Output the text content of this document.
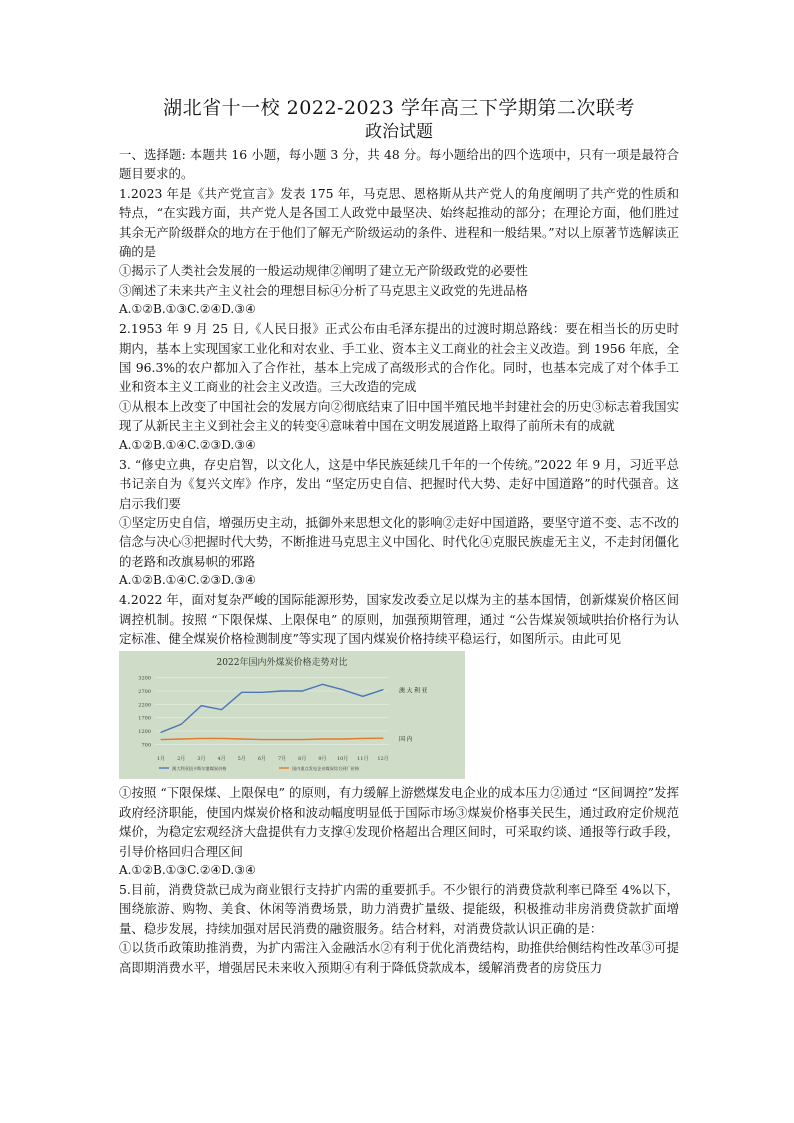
湖北省十一校 2022-2023 学年高三下学期第二次联考
政治试题

一、选择题: 本题共 16 小题，每小题 3 分，共 48 分。每小题给出的四个选项中，只有一项是最符合题目要求的。

1.2023 年是《共产党宣言》发表 175 年，马克思、恩格斯从共产党人的角度阐明了共产党的性质和特点，“在实践方面，共产党人是各国工人政党中最坚决、始终起推动的部分；在理论方面，他们胜过其余无产阶级群众的地方在于他们了解无产阶级运动的条件、进程和一般结果。”对以上原著节选解读正确的是

①揭示了人类社会发展的一般运动规律②阐明了建立无产阶级政党的必要性

③阐述了未来共产主义社会的理想目标④分析了马克思主义政党的先进品格

A.①②B.①③C.②④D.③④

2.1953 年 9 月 25 日,《人民日报》正式公布由毛泽东提出的过渡时期总路线：要在相当长的历史时期内，基本上实现国家工业化和对农业、手工业、资本主义工商业的社会主义改造。到 1956 年底，全国 96.3%的农户都加入了合作社，基本上完成了高级形式的合作化。同时，也基本完成了对个体手工业和资本主义工商业的社会主义改造。三大改造的完成

①从根本上改变了中国社会的发展方向②彻底结束了旧中国半殖民地半封建社会的历史③标志着我国实现了从新民主主义到社会主义的转变④意味着中国在文明发展道路上取得了前所未有的成就

A.①②B.①④C.②③D.③④

3. “修史立典，存史启智，以文化人，这是中华民族延续几千年的一个传统。”2022 年 9 月，习近平总书记亲自为《复兴文库》作序，发出 “坚定历史自信、把握时代大势、走好中国道路”的时代强音。这启示我们要

①坚定历史自信，增强历史主动，抵御外来思想文化的影响②走好中国道路，要坚守道不变、志不改的信念与决心③把握时代大势，不断推进马克思主义中国化、时代化④克服民族虚无主义，不走封闭僵化的老路和改旗易帜的邪路

A.①②B.①④C.②③D.③④

4.2022 年，面对复杂严峻的国际能源形势，国家发改委立足以煤为主的基本国情，创新煤炭价格区间调控机制。按照 “下限保煤、上限保电” 的原则，加强预期管理，通过 “公告煤炭领域哄抬价格行为认定标准、健全煤炭价格检测制度”等实现了国内煤炭价格持续平稳运行，如图所示。由此可见

2022年国内外煤炭价格走势对比
3200
2700
2200
1700
1200
700
1月 2月 3月 4月 5月 6月 7月 8月 9月 10月 11月 12月
澳大利亚
国内
澳大利亚纽卡斯尔港煤炭价格	国内重点发电企业煤炭综合到厂价格

①按照 “下限保煤、上限保电” 的原则，有力缓解上游燃煤发电企业的成本压力②通过 “区间调控”发挥政府经济职能，使国内煤炭价格和波动幅度明显低于国际市场③煤炭价格事关民生，通过政府定价规范煤价，为稳定宏观经济大盘提供有力支撑④发现价格超出合理区间时，可采取约谈、通报等行政手段，引导价格回归合理区间

A.①②B.①③C.②④D.③④

5.目前，消费贷款已成为商业银行支持扩内需的重要抓手。不少银行的消费贷款利率已降至 4%以下，围绕旅游、购物、美食、休闲等消费场景，助力消费扩量级、提能级，积极推动非房消费贷款扩面增量、稳步发展，持续加强对居民消费的融资服务。结合材料，对消费贷款认识正确的是：

①以货币政策助推消费，为扩内需注入金融活水②有利于优化消费结构，助推供给侧结构性改革③可提高即期消费水平，增强居民未来收入预期④有利于降低贷款成本，缓解消费者的房贷压力
